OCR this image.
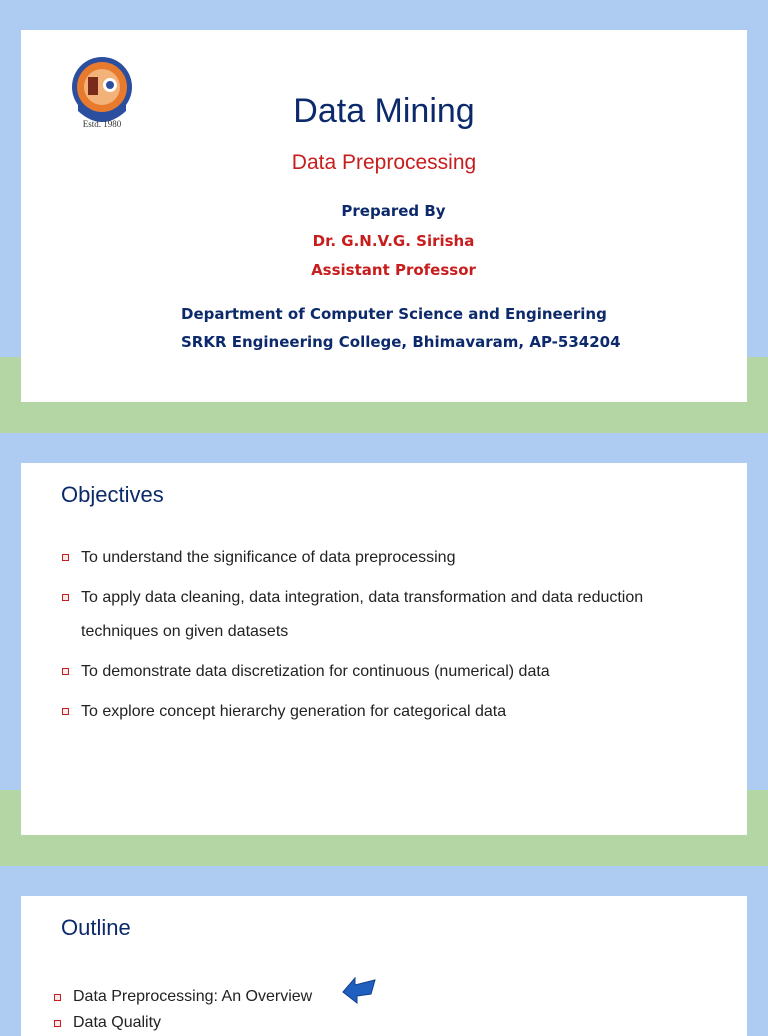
Estd. 1980	Data Mining
Data Preprocessing
Prepared By
Dr. G.N.V.G. Sirisha
Assistant Professor
Department of Computer Science and Engineering
SRKR Engineering College, Bhimavaram, AP-534204
Objectives
To understand the significance of data preprocessing
To apply data cleaning, data integration, data transformation and data reduction techniques on given datasets
To demonstrate data discretization for continuous (numerical) data
To explore concept hierarchy generation for categorical data
Outline
Data Preprocessing: An Overview
Data Quality
